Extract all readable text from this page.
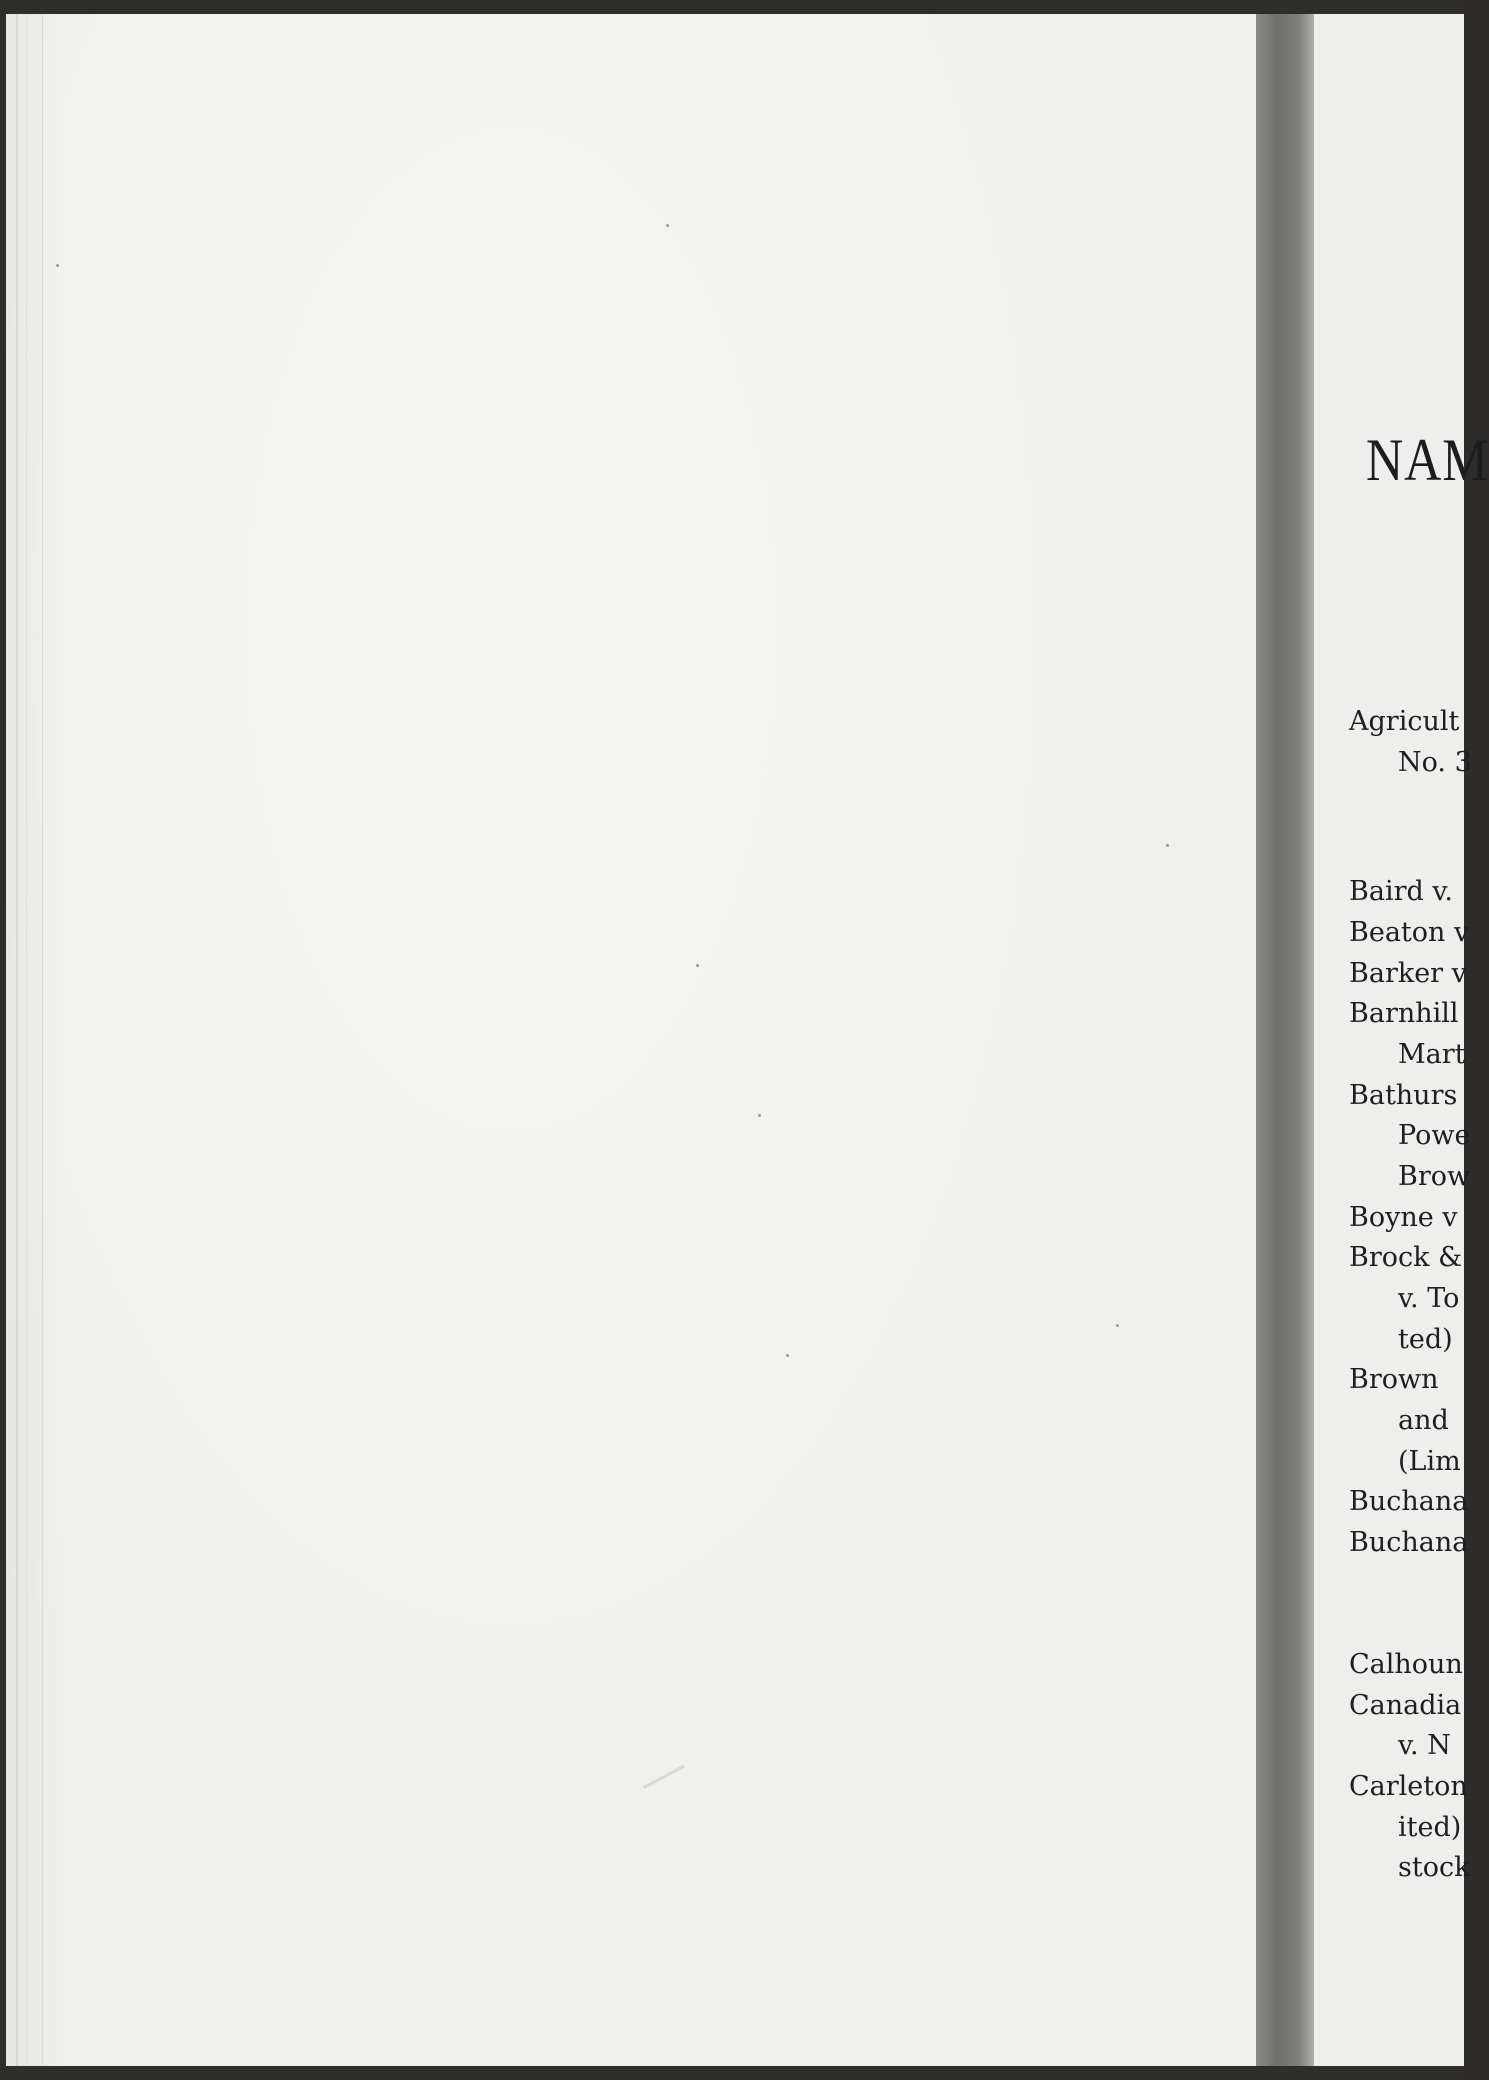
NAM
Agricult
No. 3
Baird v.
Beaton v
Barker v
Barnhill
Mart
Bathurs
Powe
Brow
Boyne v
Brock &
v. To
ted)
Brown
and
(Lim
Buchana
Buchana
Calhoun
Canadia
v. N
Carleton
ited)
stock
